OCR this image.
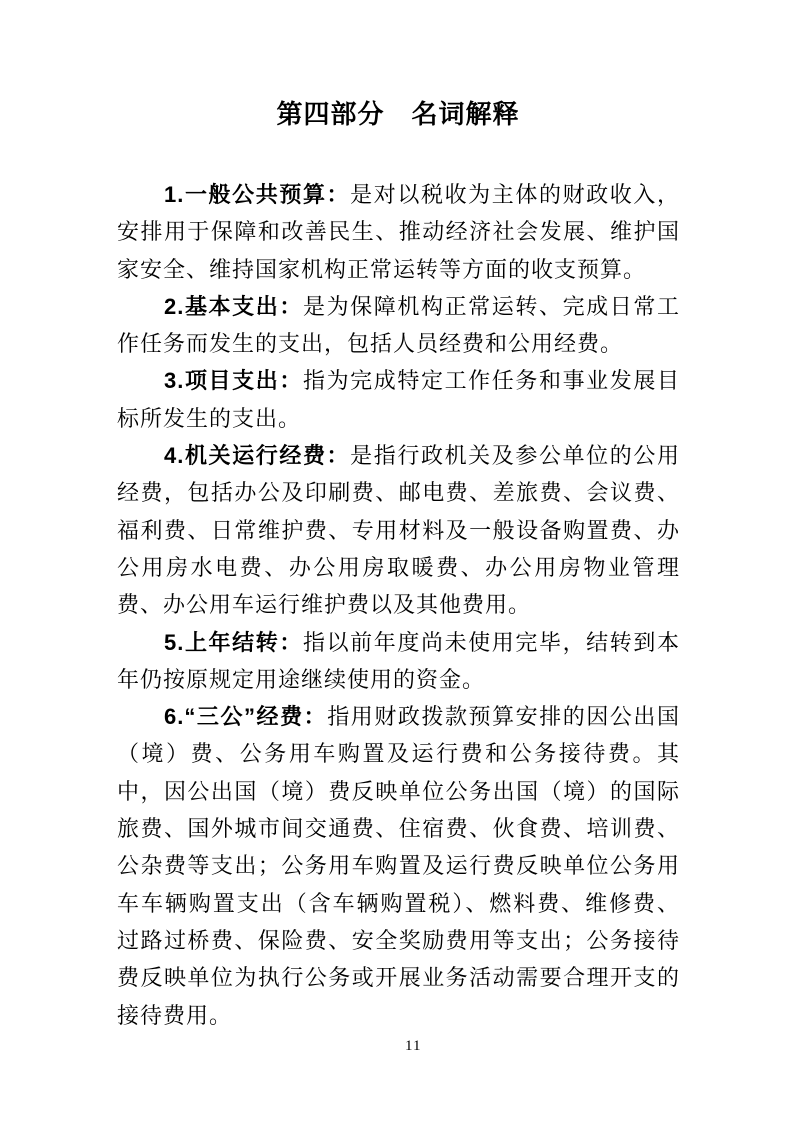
第四部分　名词解释

1.一般公共预算：是对以税收为主体的财政收入，安排用于保障和改善民生、推动经济社会发展、维护国家安全、维持国家机构正常运转等方面的收支预算。

2.基本支出：是为保障机构正常运转、完成日常工作任务而发生的支出，包括人员经费和公用经费。

3.项目支出：指为完成特定工作任务和事业发展目标所发生的支出。

4.机关运行经费：是指行政机关及参公单位的公用经费，包括办公及印刷费、邮电费、差旅费、会议费、福利费、日常维护费、专用材料及一般设备购置费、办公用房水电费、办公用房取暖费、办公用房物业管理费、办公用车运行维护费以及其他费用。

5.上年结转：指以前年度尚未使用完毕，结转到本年仍按原规定用途继续使用的资金。

6.“三公”经费：指用财政拨款预算安排的因公出国（境）费、公务用车购置及运行费和公务接待费。其中，因公出国（境）费反映单位公务出国（境）的国际旅费、国外城市间交通费、住宿费、伙食费、培训费、公杂费等支出；公务用车购置及运行费反映单位公务用车车辆购置支出（含车辆购置税）、燃料费、维修费、过路过桥费、保险费、安全奖励费用等支出；公务接待费反映单位为执行公务或开展业务活动需要合理开支的接待费用。

11
